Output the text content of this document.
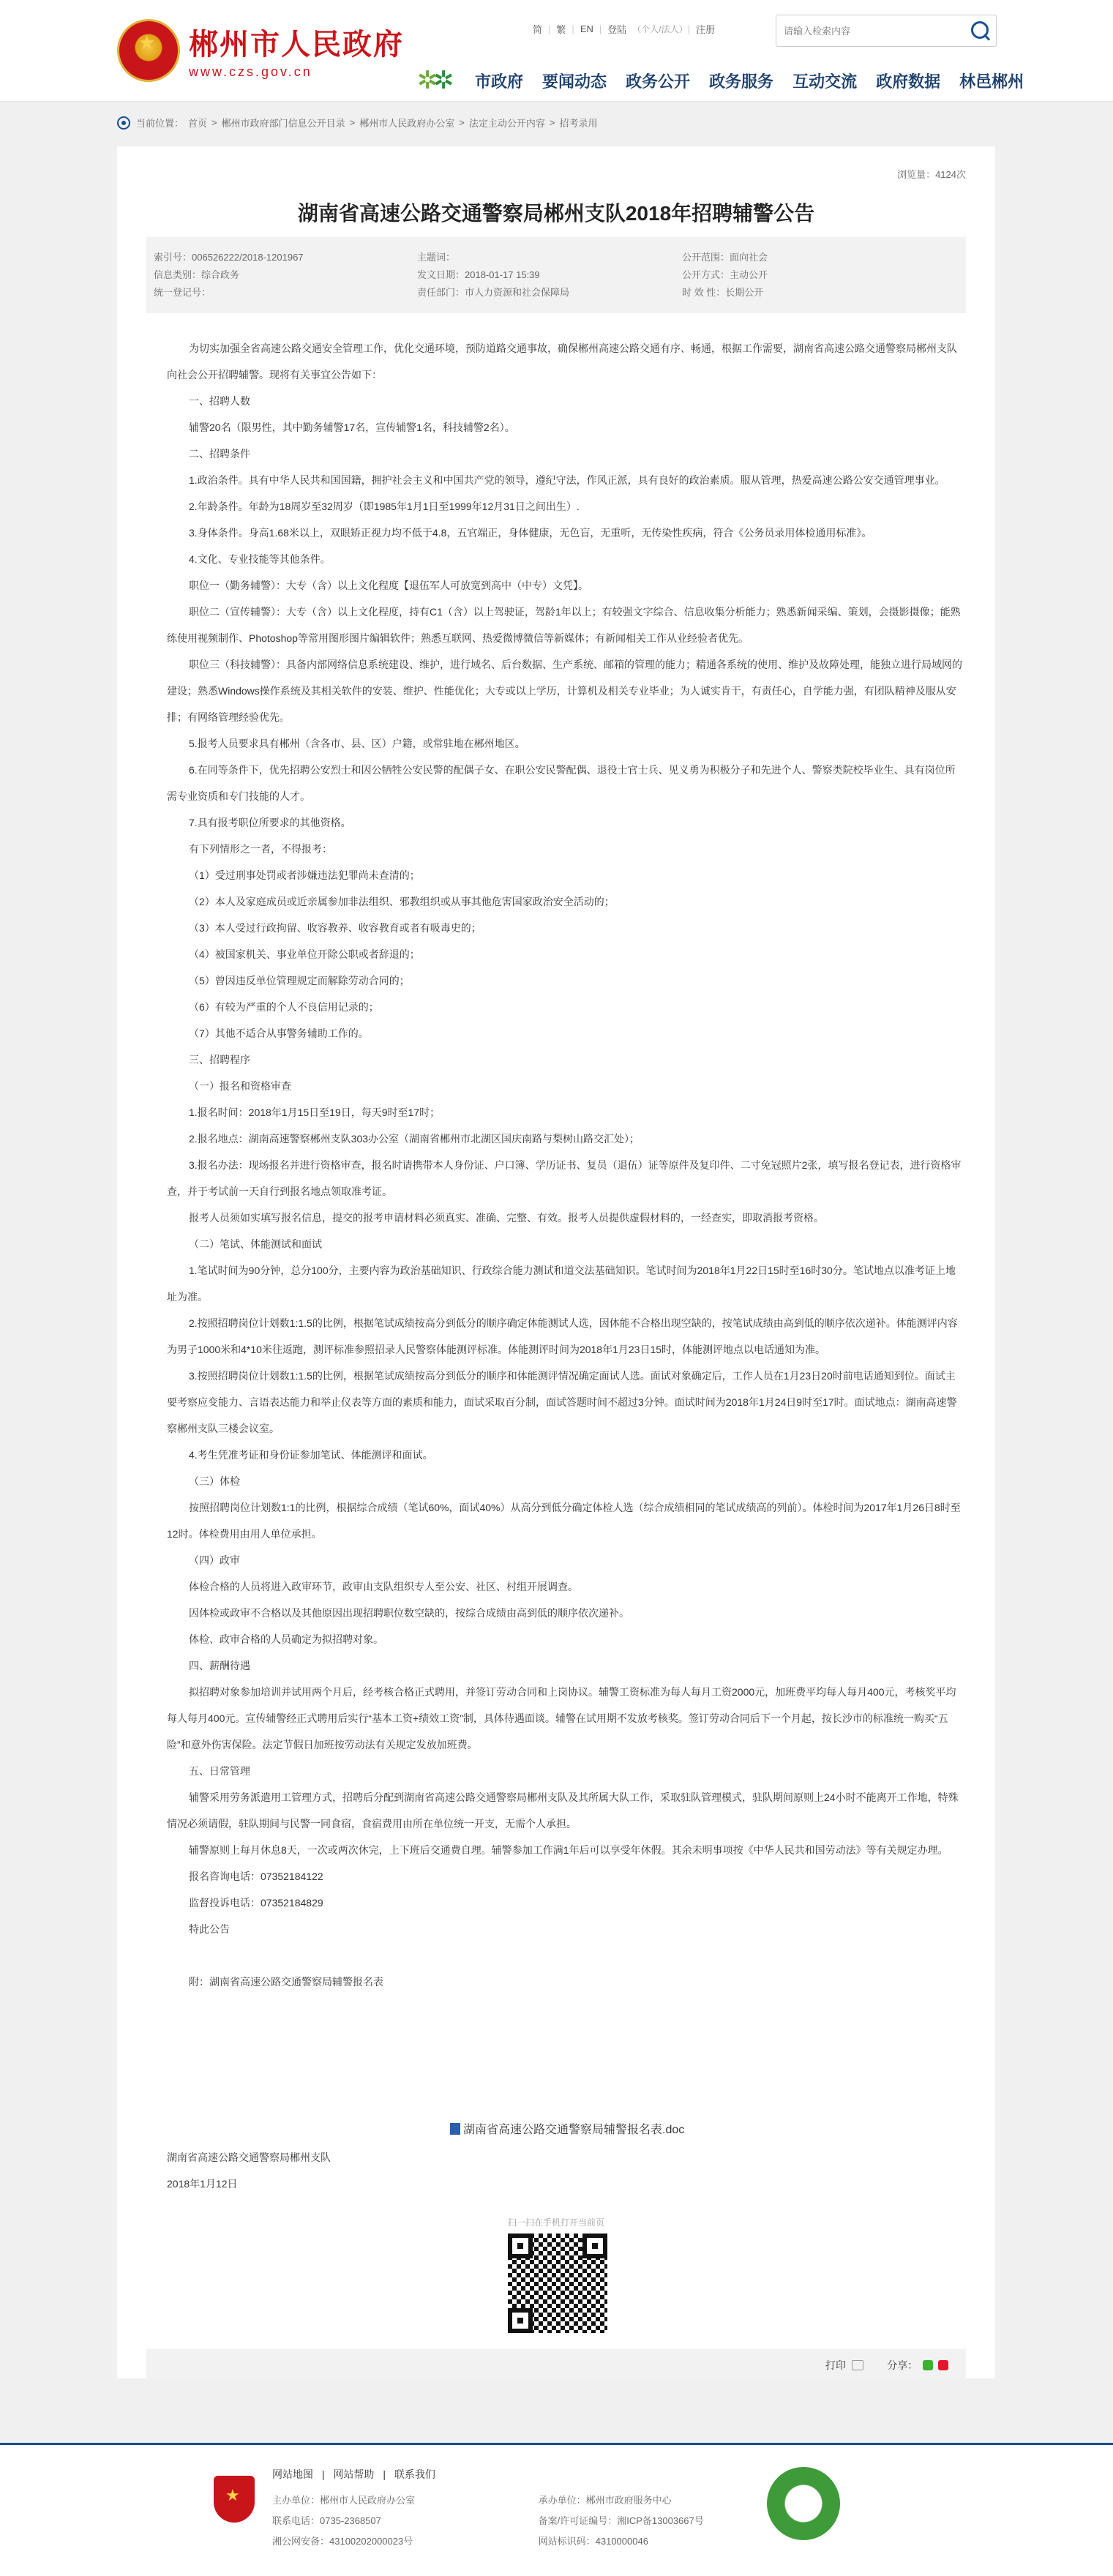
★
郴州市人民政府
www.czs.gov.cn
简 | 繁 | EN | 登陆 （个人/法人） | 注册
请输入检索内容
✲
✲ 市政府 要闻动态 政务公开 政务服务 互动交流 政府数据 林邑郴州
当前位置： 首页 > 郴州市政府部门信息公开目录 > 郴州市人民政府办公室 > 法定主动公开内容 > 招考录用
浏览量：4124次
湖南省高速公路交通警察局郴州支队2018年招聘辅警公告
索引号：006526222/2018-1201967	主题词：	公开范围：面向社会
信息类别：综合政务	发文日期：2018-01-17 15:39	公开方式：主动公开
统一登记号：	责任部门：市人力资源和社会保障局	时 效 性：长期公开

为切实加强全省高速公路交通安全管理工作，优化交通环境，预防道路交通事故，确保郴州高速公路交通有序、畅通，根据工作需要，湖南省高速公路交通警察局郴州支队向社会公开招聘辅警。现将有关事宜公告如下：

一、招聘人数

辅警20名（限男性，其中勤务辅警17名，宣传辅警1名，科技辅警2名）。

二、招聘条件

1.政治条件。具有中华人民共和国国籍，拥护社会主义和中国共产党的领导，遵纪守法，作风正派，具有良好的政治素质。服从管理，热爱高速公路公安交通管理事业。

2.年龄条件。年龄为18周岁至32周岁（即1985年1月1日至1999年12月31日之间出生）.

3.身体条件。身高1.68米以上，双眼矫正视力均不低于4.8，五官端正，身体健康，无色盲，无重听，无传染性疾病，符合《公务员录用体检通用标准》。

4.文化、专业技能等其他条件。

职位一（勤务辅警）：大专（含）以上文化程度【退伍军人可放宽到高中（中专）文凭】。

职位二（宣传辅警）：大专（含）以上文化程度，持有C1（含）以上驾驶证，驾龄1年以上；有较强文字综合、信息收集分析能力；熟悉新闻采编、策划，会摄影摄像；能熟练使用视频制作、Photoshop等常用图形图片编辑软件；熟悉互联网、热爱微博微信等新媒体；有新闻相关工作从业经验者优先。

职位三（科技辅警）：具备内部网络信息系统建设、维护，进行域名、后台数据、生产系统、邮箱的管理的能力；精通各系统的使用、维护及故障处理，能独立进行局域网的建设；熟悉Windows操作系统及其相关软件的安装、维护、性能优化；大专或以上学历，计算机及相关专业毕业；为人诚实肯干，有责任心，自学能力强，有团队精神及服从安排；有网络管理经验优先。

5.报考人员要求具有郴州（含各市、县、区）户籍，或常驻地在郴州地区。

6.在同等条件下，优先招聘公安烈士和因公牺牲公安民警的配偶子女、在职公安民警配偶、退役士官士兵、见义勇为积极分子和先进个人、警察类院校毕业生、具有岗位所需专业资质和专门技能的人才。

7.具有报考职位所要求的其他资格。

有下列情形之一者，不得报考：

（1）受过刑事处罚或者涉嫌违法犯罪尚未查清的；

（2）本人及家庭成员或近亲属参加非法组织、邪教组织或从事其他危害国家政治安全活动的；

（3）本人受过行政拘留、收容教养、收容教育或者有吸毒史的；

（4）被国家机关、事业单位开除公职或者辞退的；

（5）曾因违反单位管理规定而解除劳动合同的；

（6）有较为严重的个人不良信用记录的；

（7）其他不适合从事警务辅助工作的。

三、招聘程序

（一）报名和资格审查

1.报名时间：2018年1月15日至19日，每天9时至17时；

2.报名地点：湖南高速警察郴州支队303办公室（湖南省郴州市北湖区国庆南路与梨树山路交汇处）；

3.报名办法：现场报名并进行资格审查，报名时请携带本人身份证、户口簿、学历证书、复员（退伍）证等原件及复印件、二寸免冠照片2张，填写报名登记表，进行资格审查，并于考试前一天自行到报名地点领取准考证。

报考人员须如实填写报名信息，提交的报考申请材料必须真实、准确、完整、有效。报考人员提供虚假材料的，一经查实，即取消报考资格。

（二）笔试、体能测试和面试

1.笔试时间为90分钟，总分100分，主要内容为政治基础知识、行政综合能力测试和道交法基础知识。笔试时间为2018年1月22日15时至16时30分。笔试地点以准考证上地址为准。

2.按照招聘岗位计划数1:1.5的比例，根据笔试成绩按高分到低分的顺序确定体能测试人选，因体能不合格出现空缺的，按笔试成绩由高到低的顺序依次递补。体能测评内容为男子1000米和4*10米往返跑，测评标准参照招录人民警察体能测评标准。体能测评时间为2018年1月23日15时，体能测评地点以电话通知为准。

3.按照招聘岗位计划数1:1.5的比例，根据笔试成绩按高分到低分的顺序和体能测评情况确定面试人选。面试对象确定后，工作人员在1月23日20时前电话通知到位。面试主要考察应变能力、言语表达能力和举止仪表等方面的素质和能力，面试采取百分制，面试答题时间不超过3分钟。面试时间为2018年1月24日9时至17时。面试地点：湖南高速警察郴州支队三楼会议室。

4.考生凭准考证和身份证参加笔试、体能测评和面试。

（三）体检

按照招聘岗位计划数1:1的比例，根据综合成绩（笔试60%，面试40%）从高分到低分确定体检人选（综合成绩相同的笔试成绩高的列前）。体检时间为2017年1月26日8时至12时。体检费用由用人单位承担。

（四）政审

体检合格的人员将进入政审环节，政审由支队组织专人至公安、社区、村组开展调查。

因体检或政审不合格以及其他原因出现招聘职位数空缺的，按综合成绩由高到低的顺序依次递补。

体检、政审合格的人员确定为拟招聘对象。

四、薪酬待遇

拟招聘对象参加培训并试用两个月后，经考核合格正式聘用，并签订劳动合同和上岗协议。辅警工资标准为每人每月工资2000元，加班费平均每人每月400元，考核奖平均每人每月400元。宣传辅警经正式聘用后实行“基本工资+绩效工资”制，具体待遇面谈。辅警在试用期不发放考核奖。签订劳动合同后下一个月起，按长沙市的标准统一购买“五险”和意外伤害保险。法定节假日加班按劳动法有关规定发放加班费。

五、日常管理

辅警采用劳务派遣用工管理方式，招聘后分配到湖南省高速公路交通警察局郴州支队及其所属大队工作，采取驻队管理模式，驻队期间原则上24小时不能离开工作地，特殊情况必须请假，驻队期间与民警一同食宿，食宿费用由所在单位统一开支，无需个人承担。

辅警原则上每月休息8天，一次或两次休完，上下班后交通费自理。辅警参加工作满1年后可以享受年休假。其余未明事项按《中华人民共和国劳动法》等有关规定办理。

报名咨询电话：07352184122

监督投诉电话：07352184829

特此公告

附：湖南省高速公路交通警察局辅警报名表

湖南省高速公路交通警察局辅警报名表.doc
湖南省高速公路交通警察局郴州支队
2018年1月12日
扫一扫在手机打开当前页
打印	分享：
★
网站地图 | 网站帮助 | 联系我们
主办单位：郴州市人民政府办公室
联系电话：0735-2368507
湘公网安备：43100202000023号

承办单位：郴州市政府服务中心
备案/许可证编号：湘ICP备13003667号
网站标识码：4310000046
